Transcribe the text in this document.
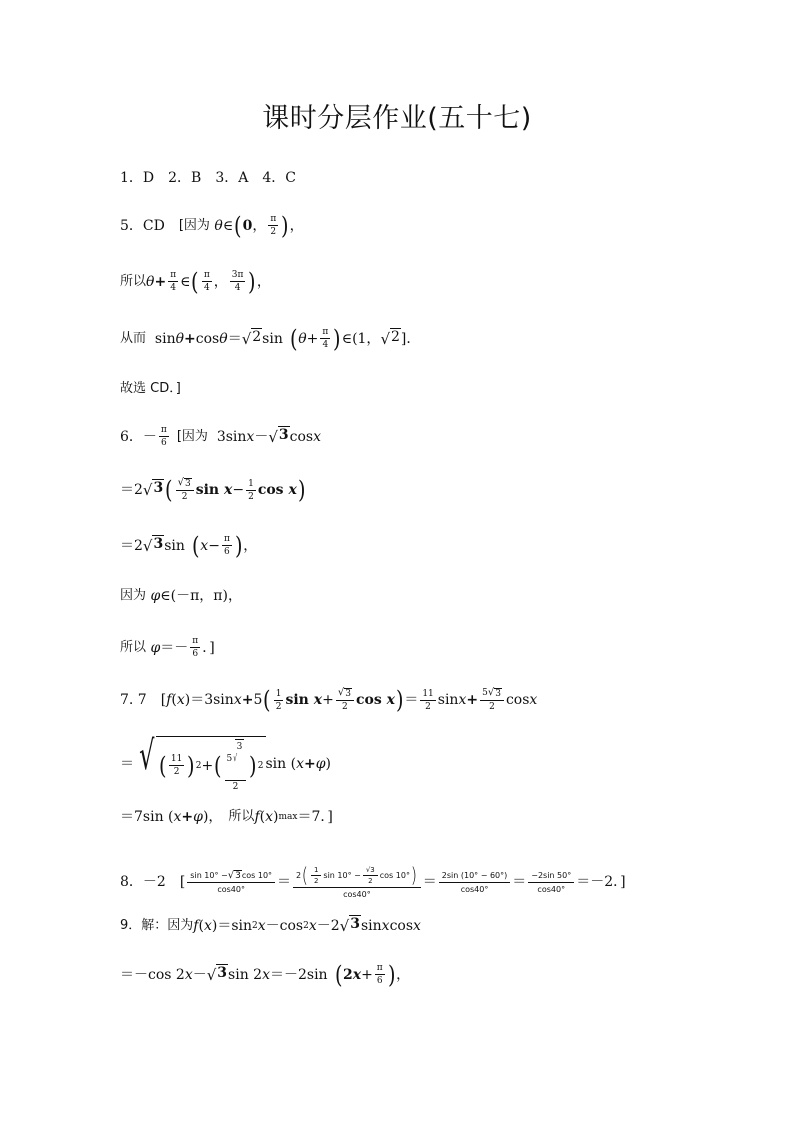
课时分层作业(五十七)
1．D 2．B 3．A 4．C
5．CD [因为
θ ∈ ( 0 ， $\frac{\pi}{2}$ ) ，
所以 $\theta + \frac{\pi}{4}$ ∈ ( $\frac{\pi}{4}$ ， $\frac{3\pi}{4}$ ) ，
从而 sin θ + cos θ ＝ √ 2 sin ( $\theta + \frac{\pi}{4}$ ) ∈(1， √ 2 ]．
故选 CD．]
6． － $\frac{\pi}{6}$ [因为 3sin x － √ 3 cos x
＝2 √ 3 ( $\frac{√ 3}{2}$ $\sin x - \frac{1}{2}$ cos x )
＝2 √ 3 sin ( $x - \frac{\pi}{6}$ ) ，
因为
φ ∈(－π，π)，
所以
$\varphi =- \frac{\pi}{6}$ ．]
7. 7 [ f ( x )＝3sin x + 5 ( $\frac{1}{2}$ $\sin x + \frac{√ 3}{2}$ cos x ) ＝ $\frac{11}{2}$ $\sin x + \frac{5 √ 3}{2}$ cos x
＝ √ ( $\frac{11}{2}$ ) 2 + ( 5 √
3
2 ) 2 sin ( x + φ )
＝7sin ( x + φ )， 所以 f ( x ) max ＝7．]
8．－2 [ $\frac{\sin 10^\circ - √ 3 \cos 10^\circ}{\cos 40^\circ} = \frac{2 ( \frac{1}{2} \sin 10^\circ - \frac{√3}{2} \cos 10^\circ )}{\cos 40^\circ} = \frac{2\sin (10^\circ - 60^\circ)}{\cos 40^\circ} = \frac{-2\sin 50^\circ}{\cos 40^\circ} =-2$．]
9．解： 因为 f ( x )＝sin 2 x －cos 2 x －2 √ 3 sin x cos x
＝－cos 2 x － √ 3 sin 2 x ＝－2sin ( $2x + \frac{\pi}{6}$ ) ，
